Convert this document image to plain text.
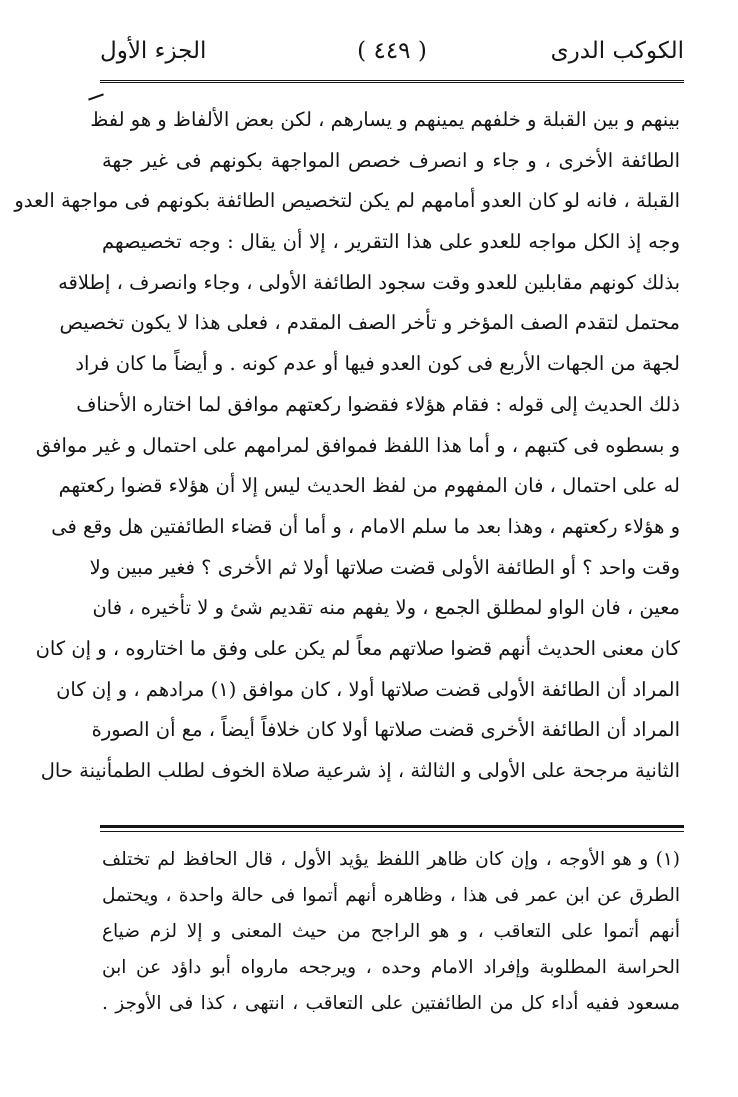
الكوكب الدرى
( ٤٤٩ )
الجزء الأول
بينهم و بين القبلة و خلفهم يمينهم و يسارهم ، لكن بعض الألفاظ و هو لفظ
الطائفة الأخرى ، و جاء و انصرف خصص المواجهة بكونهم فى غير جهة
القبلة ، فانه لو كان العدو أمامهم لم يكن لتخصيص الطائفة بكونهم فى مواجهة العدو
وجه إذ الكل مواجه للعدو على هذا التقرير ، إلا أن يقال : وجه تخصيصهم
بذلك كونهم مقابلين للعدو وقت سجود الطائفة الأولى ، وجاء وانصرف ، إطلاقه
محتمل لتقدم الصف المؤخر و تأخر الصف المقدم ، فعلى هذا لا يكون تخصيص
لجهة من الجهات الأربع فى كون العدو فيها أو عدم كونه . و أيضاً ما كان فراد
ذلك الحديث إلى قوله : فقام هؤلاء فقضوا ركعتهم موافق لما اختاره الأحناف
و بسطوه فى كتبهم ، و أما هذا اللفظ فموافق لمرامهم على احتمال و غير موافق
له على احتمال ، فان المفهوم من لفظ الحديث ليس إلا أن هؤلاء قضوا ركعتهم
و هؤلاء ركعتهم ، وهذا بعد ما سلم الامام ، و أما أن قضاء الطائفتين هل وقع فى
وقت واحد ؟ أو الطائفة الأولى قضت صلاتها أولا ثم الأخرى ؟ فغير مبين ولا
معين ، فان الواو لمطلق الجمع ، ولا يفهم منه تقديم شئ و لا تأخيره ، فان
كان معنى الحديث أنهم قضوا صلاتهم معاً لم يكن على وفق ما اختاروه ، و إن كان
المراد أن الطائفة الأولى قضت صلاتها أولا ، كان موافق (١) مرادهم ، و إن كان
المراد أن الطائفة الأخرى قضت صلاتها أولا كان خلافاً أيضاً ، مع أن الصورة
الثانية مرجحة على الأولى و الثالثة ، إذ شرعية صلاة الخوف لطلب الطمأنينة حال
(١) و هو الأوجه ، وإن كان ظاهر اللفظ يؤيد الأول ، قال الحافظ لم تختلف
الطرق عن ابن عمر فى هذا ، وظاهره أنهم أتموا فى حالة واحدة ، ويحتمل
أنهم أتموا على التعاقب ، و هو الراجح من حيث المعنى و إلا لزم ضياع
الحراسة المطلوبة وإفراد الامام وحده ، ويرجحه مارواه أبو داؤد عن ابن
مسعود ففيه أداء كل من الطائفتين على التعاقب ، انتهى ، كذا فى الأوجز .
